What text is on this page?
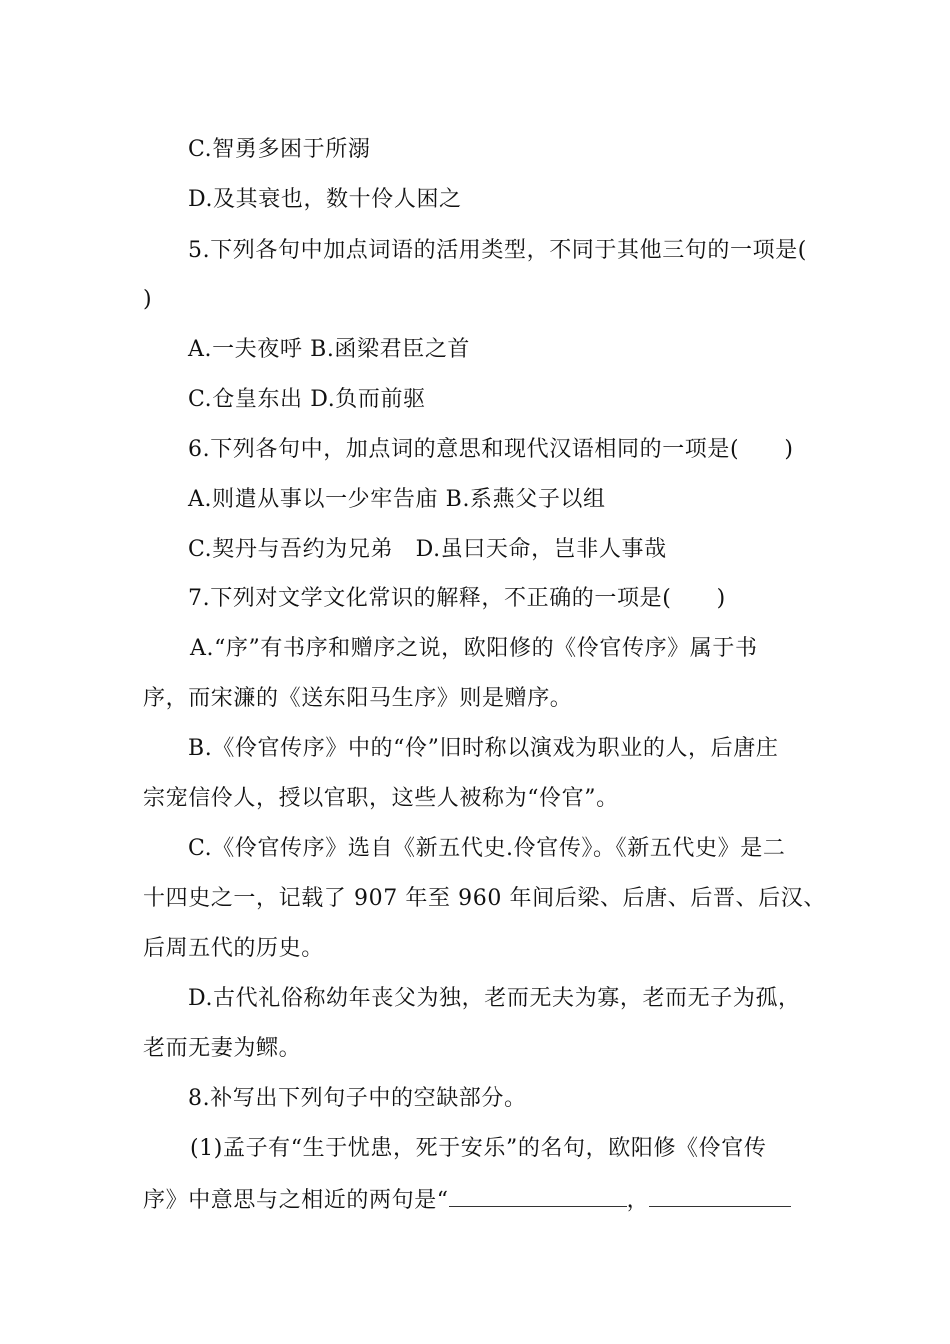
C.智勇多困于所溺
D.及其衰也，数十伶人困之
5.下列各句中加点词语的活用类型，不同于其他三句的一项是(
)
A.一夫夜呼 B.函梁君臣之首
C.仓皇东出 D.负而前驱
6.下列各句中，加点词的意思和现代汉语相同的一项是(　　)
A.则遣从事以一少牢告庙 B.系燕父子以组
C.契丹与吾约为兄弟　D.虽曰天命，岂非人事哉
7.下列对文学文化常识的解释，不正确的一项是(　　)
A.“序”有书序和赠序之说，欧阳修的《伶官传序》属于书
序，而宋濂的《送东阳马生序》则是赠序。
B.《伶官传序》中的“伶”旧时称以演戏为职业的人，后唐庄
宗宠信伶人，授以官职，这些人被称为“伶官”。
C.《伶官传序》选自《新五代史.伶官传》。《新五代史》是二
十四史之一，记载了 907 年至 960 年间后梁、后唐、后晋、后汉、
后周五代的历史。
D.古代礼俗称幼年丧父为独，老而无夫为寡，老而无子为孤，
老而无妻为鳏。
8.补写出下列句子中的空缺部分。
(1)孟子有“生于忧患，死于安乐”的名句，欧阳修《伶官传
序》中意思与之相近的两句是“	，
